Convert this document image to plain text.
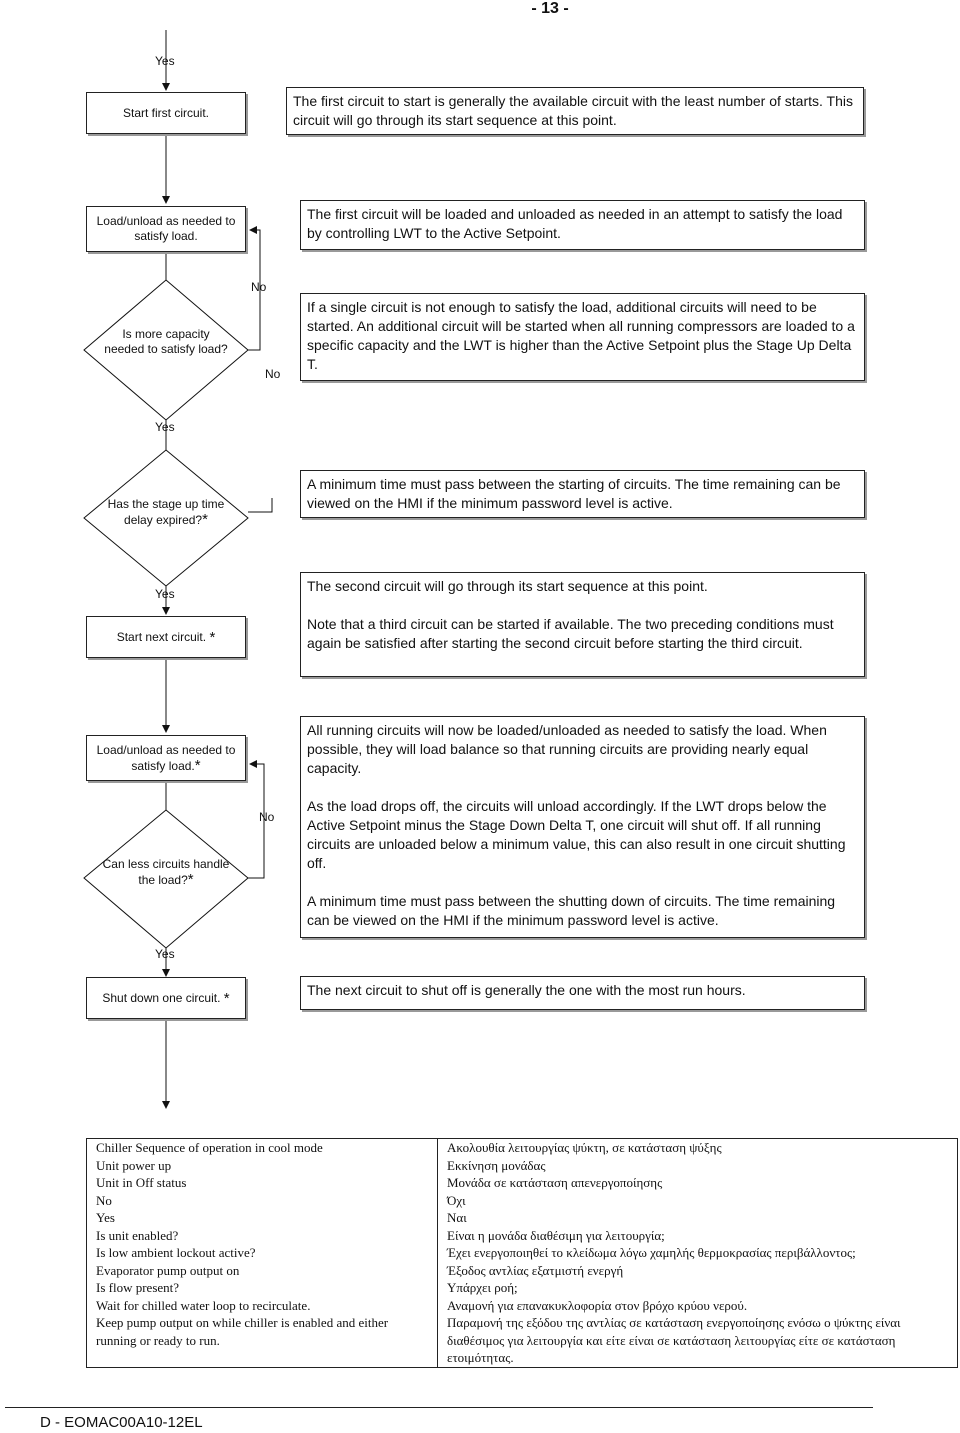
- 13 -
Yes
Start first circuit.

The first circuit to start is generally the available circuit with the least number of starts. This circuit will go through its start sequence at this point.

Load/unload as needed to
satisfy load.

The first circuit will be loaded and unloaded as needed in an attempt to satisfy the load by controlling LWT to the Active Setpoint.

No
No
Is more capacity
needed to satisfy load?

If a single circuit is not enough to satisfy the load, additional circuits will need to be started. An additional circuit will be started when all running compressors are loaded to a specific capacity and the LWT is higher than the Active Setpoint plus the Stage Up Delta T.

Yes
Has the stage up time
delay expired?*

A minimum time must pass between the starting of circuits. The time remaining can be viewed on the HMI if the minimum password level is active.

Yes
Start next circuit.
*

The second circuit will go through its start sequence at this point.

Note that a third circuit can be started if available. The two preceding conditions must again be satisfied after starting the second circuit before starting the third circuit.

Load/unload as needed to
satisfy load.*

All running circuits will now be loaded/unloaded as needed to satisfy the load. When possible, they will load balance so that running circuits are providing nearly equal capacity.

As the load drops off, the circuits will unload accordingly. If the LWT drops below the Active Setpoint minus the Stage Down Delta T, one circuit will shut off. If all running circuits are unloaded below a minimum value, this can also result in one circuit shutting off.

A minimum time must pass between the shutting down of circuits. The time remaining can be viewed on the HMI if the minimum password level is active.

No
Can less circuits handle
the load?*
Yes
Shut down one circuit.
*	The next circuit to shut off is generally the one with the most run hours.

Chiller Sequence of operation in cool mode	Ακολουθία λειτουργίας ψύκτη, σε κατάσταση ψύξης
Unit power up	Εκκίνηση μονάδας
Unit in Off status	Μονάδα σε κατάσταση απενεργοποίησης
No	Όχι
Yes	Ναι
Is unit enabled?	Είναι η μονάδα διαθέσιμη για λειτουργία;
Is low ambient lockout active?	Έχει ενεργοποιηθεί το κλείδωμα λόγω χαμηλής θερμοκρασίας περιβάλλοντος;
Evaporator pump output on	Έξοδος αντλίας εξατμιστή ενεργή
Is flow present?	Υπάρχει ροή;
Wait for chilled water loop to recirculate.	Αναμονή για επανακυκλοφορία στον βρόχο κρύου νερού.
Keep pump output on while chiller is enabled and either running or ready to run.	Παραμονή της εξόδου της αντλίας σε κατάσταση ενεργοποίησης ενόσω ο ψύκτης είναι διαθέσιμος για λειτουργία και είτε είναι σε κατάσταση λειτουργίας είτε σε κατάσταση ετοιμότητας.
D - EOMAC00A10-12EL
